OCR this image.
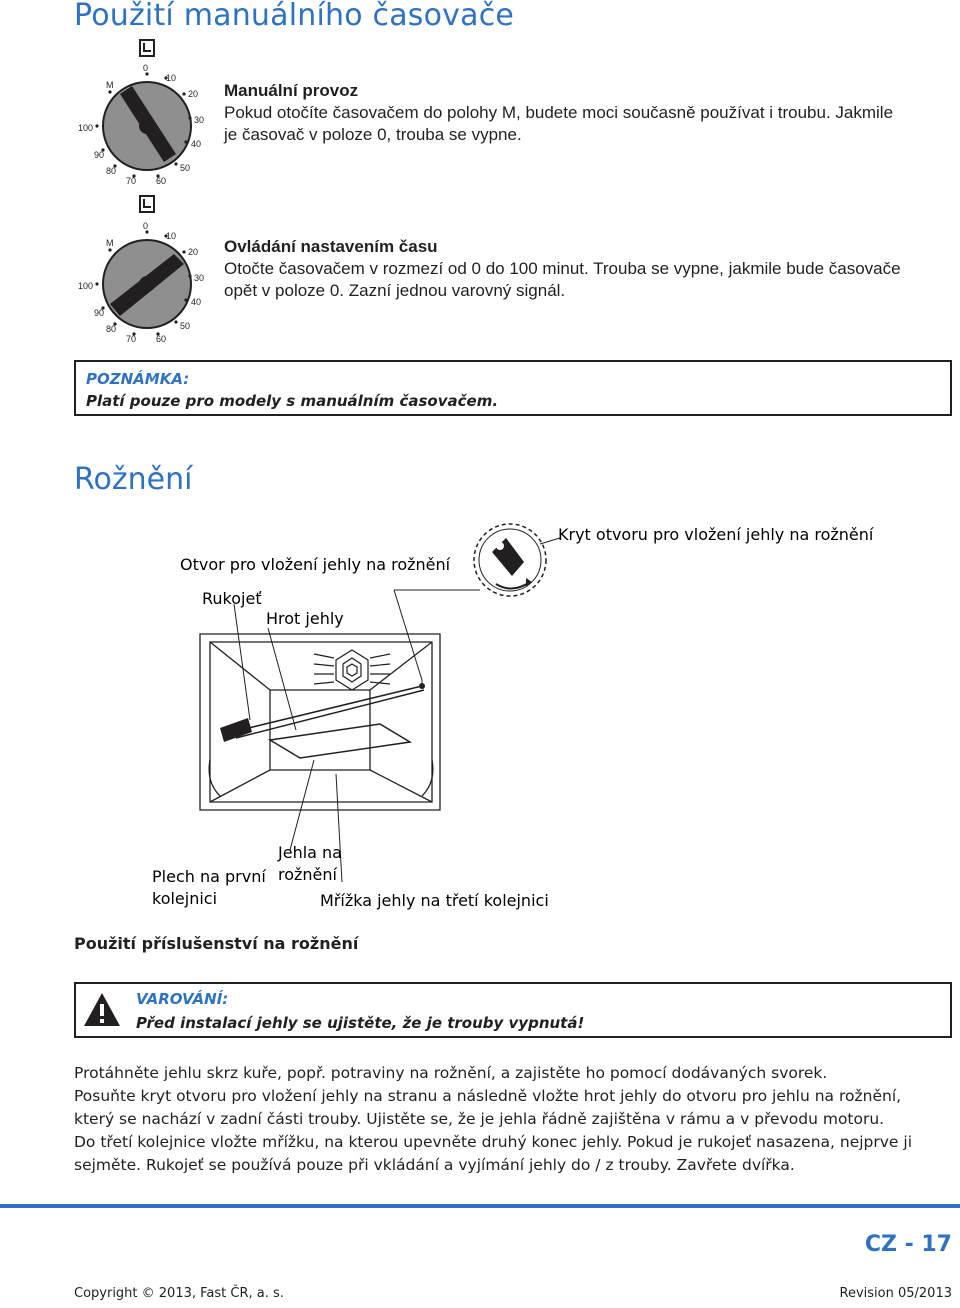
Použití manuálního časovače
0
10
20
30
40
50
60
70
80
90
100
M	Manuální provoz
Pokud otočíte časovačem do polohy M, budete moci současně používat i troubu. Jakmile
je časovač v poloze 0, trouba se vypne.
0
10
20
30
40
50
60
70
80
90
100
M	Ovládání nastavením času
Otočte časovačem v rozmezí od 0 do 100 minut. Trouba se vypne, jakmile bude časovače
opět v poloze 0. Zazní jednou varovný signál.
POZNÁMKA:
Platí pouze pro modely s manuálním časovačem.
Rožnění
Kryt otvoru pro vložení jehly na rožnění
Otvor pro vložení jehly na rožnění
Rukojeť
Hrot jehly
Jehla na
rožnění
Plech na první
kolejnici	Mřížka jehly na třetí kolejnici
Použití příslušenství na rožnění
VAROVÁNÍ:
Před instalací jehly se ujistěte, že je trouby vypnutá!

Protáhněte jehlu skrz kuře, popř. potraviny na rožnění, a zajistěte ho pomocí dodávaných svorek.

Posuňte kryt otvoru pro vložení jehly na stranu a následně vložte hrot jehly do otvoru pro jehlu na rožnění,

který se nachází v zadní části trouby. Ujistěte se, že je jehla řádně zajištěna v rámu a v převodu motoru.

Do třetí kolejnice vložte mřížku, na kterou upevněte druhý konec jehly. Pokud je rukojeť nasazena, nejprve ji

sejměte. Rukojeť se používá pouze při vkládání a vyjímání jehly do / z trouby. Zavřete dvířka.

CZ - 17
Copyright © 2013, Fast ČR, a. s.	Revision 05/2013
